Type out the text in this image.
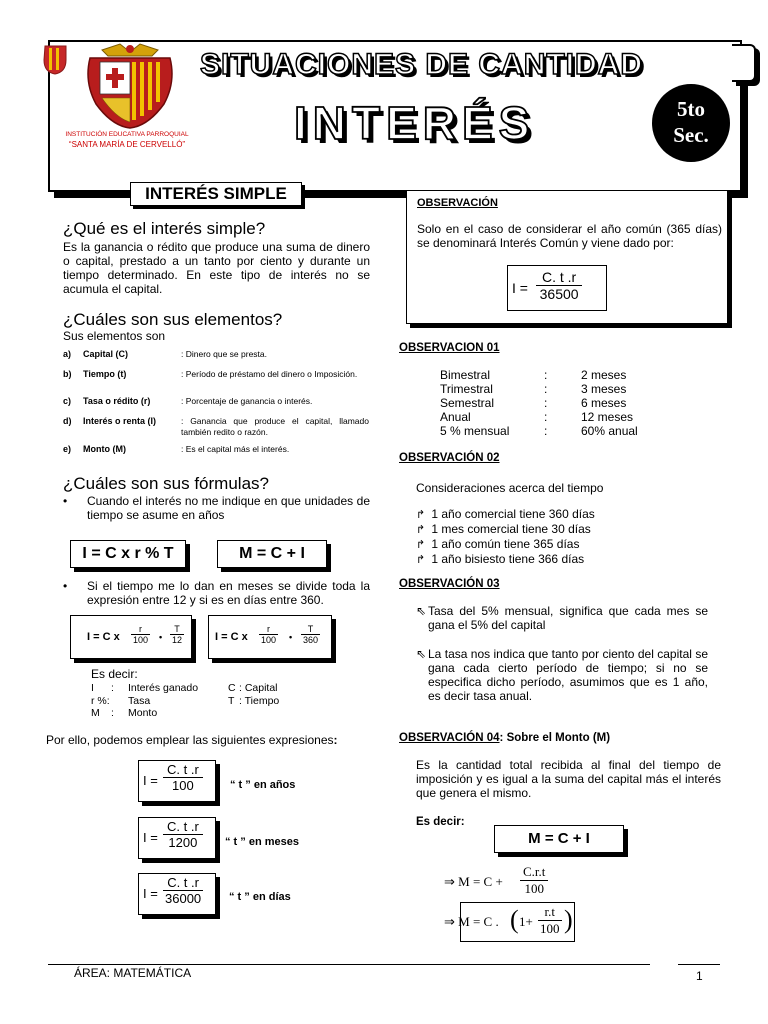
INSTITUCIÓN EDUCATIVA PARROQUIAL
“SANTA MARÍA DE CERVELLÓ”
SITUACIONES DE CANTIDAD
INTERÉS	5to
Sec.
INTERÉS SIMPLE
¿Qué es el interés simple?
Es la ganancia o rédito que produce una suma de dinero o capital, prestado a un tanto por ciento y durante un tiempo determinado. En este tipo de interés no se acumula el capital.
¿Cuáles son sus elementos?
Sus elementos son
a) Capital (C)	: Dinero que se presta.
b) Tiempo (t)	: Período de préstamo del dinero o Imposición.
c) Tasa o rédito (r)	: Porcentaje de ganancia o interés.
d) Interés o renta (I)	: Ganancia que produce el capital, llamado también redito o razón.
e) Monto (M)	: Es el capital más el interés.
¿Cuáles son sus fórmulas?
• Cuando el interés no me indique en que unidades de tiempo se asume en años
I = C x r % T	M = C + I
• Si el tiempo me lo dan en meses se divide toda la expresión entre 12 y si es en días entre 360.
I = C x $\frac{r}{100}$ • $\frac{T}{12}$	I = C x $\frac{r}{100}$ • $\frac{T}{360}$
Es decir:
I : Interés ganado	C : Capital
r %: Tasa	T : Tiempo
M : Monto
Por ello, podemos emplear las siguientes expresiones:
$I = \frac{C. t .r}{100}$ “ t ” en años
$I = \frac{C. t .r}{1200}$ “ t ” en meses
$I = \frac{C. t .r}{36000}$ “ t ” en días
OBSERVACIÓN
Solo en el caso de considerar el año común (365 días) se denominará Interés Común y viene dado por:
$I = \frac{C. t .r}{36500}$
OBSERVACION 01
Bimestral	:	2 meses
Trimestral	:	3 meses
Semestral	:	6 meses
Anual	:	12 meses
5 % mensual	:	60% anual
OBSERVACIÓN 02
Consideraciones acerca del tiempo
↱ 1 año comercial tiene 360 días
↱ 1 mes comercial tiene 30 días
↱ 1 año común tiene 365 días
↱ 1 año bisiesto tiene 366 días
OBSERVACIÓN 03
⇖ Tasa del 5% mensual, significa que cada mes se gana el 5% del capital
⇖ La tasa nos indica que tanto por ciento del capital se gana cada cierto período de tiempo; si no se especifica dicho período, asumimos que es 1 año, es decir tasa anual.
OBSERVACIÓN 04: Sobre el Monto (M)
Es la cantidad total recibida al final del tiempo de imposición y es igual a la suma del capital más el interés que genera el mismo.
Es decir:
M = C + I
⇒ $M = C + \frac{C.r.t}{100}$
⇒ M = C . ( $1+ \frac{r.t}{100}$ )
ÁREA: MATEMÁTICA	1
